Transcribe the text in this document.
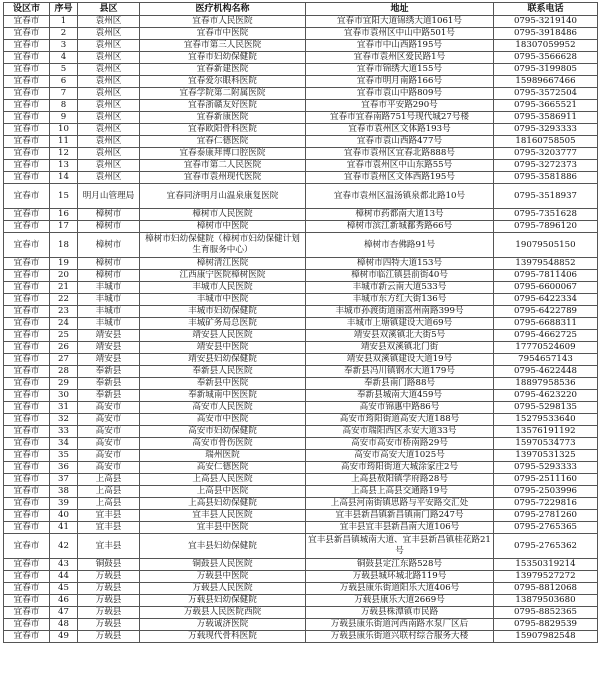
设区市	序号	县区	医疗机构名称	地址	联系电话
宜春市	1	袁州区	宜春市人民医院	宜春市宜阳大道锦绣大道1061号	0795-3219140
宜春市	2	袁州区	宜春市中医院	宜春市袁州区中山中路501号	0795-3918486
宜春市	3	袁州区	宜春市第三人民医院	宜春市中山西路195号	18307059952
宜春市	4	袁州区	宜春市妇幼保健院	宜春市袁州区爱民路1号	0795-3566628
宜春市	5	袁州区	宜春新建医院	宜春市锦绣大道155号	0795-3199805
宜春市	6	袁州区	宜春爱尔眼科医院	宜春市明月南路166号	15989667466
宜春市	7	袁州区	宜春学院第二附属医院	宜春市袁山中路809号	0795-3572504
宜春市	8	袁州区	宜春浙赣友好医院	宜春市平安路290号	0795-3665521
宜春市	9	袁州区	宜春新康医院	宜春市宜春南路751号现代城27号楼	0795-3586911
宜春市	10	袁州区	宜春欧阳骨科医院	宜春市袁州区文体路193号	0795-3293333
宜春市	11	袁州区	宜春仁德医院	宜春市袁山西路477号	18160758505
宜春市	12	袁州区	宜春泰康拜博口腔医院	宜春市袁州区宜春北路888号	0795-3203777
宜春市	13	袁州区	宜春市第二人民医院	宜春市袁州区中山东路55号	0795-3272373
宜春市	14	袁州区	宜春市袁州现代医院	宜春市袁州区文体西路195号	0795-3581886
宜春市	15	明月山管理局	宜春同济明月山温泉康复医院	宜春市袁州区温汤镇泉都北路10号	0795-3518937
宜春市	16	樟树市	樟树市人民医院	樟树市药都南大道13号	0795-7351628
宜春市	17	樟树市	樟树市中医院	樟树市滨江新城鄱秀路66号	0795-7896120
宜春市	18	樟树市	樟树市妇幼保健院（樟树市妇幼保健计划生育服务中心）	樟树市杏佛路91号	19079505150
宜春市	19	樟树市	樟树清江医院	樟树市四特大道153号	13979548852
宜春市	20	樟树市	江西康宁医院樟树医院	樟树市临江镇县前街40号	0795-7811406
宜春市	21	丰城市	丰城市人民医院	丰城市新云南大道533号	0795-6600067
宜春市	22	丰城市	丰城市中医院	丰城市东方红大街136号	0795-6422334
宜春市	23	丰城市	丰城市妇幼保健院	丰城市孙渡街道丽富州南路399号	0795-6422789
宜春市	24	丰城市	丰城矿务局总医院	丰城市上塘镇建设大道69号	0795-6688311
宜春市	25	靖安县	靖安县人民医院	靖安县双溪镇北大街5号	0795-4662725
宜春市	26	靖安县	靖安县中医院	靖安县双溪镇北门街	17770524609
宜春市	27	靖安县	靖安县妇幼保健院	靖安县双溪镇建设大道19号	7954657143
宜春市	28	奉新县	奉新县人民医院	奉新县冯川镇钢水大道179号	0795-4622448
宜春市	29	奉新县	奉新县中医院	奉新县南门路88号	18897958536
宜春市	30	奉新县	奉新城南中医医院	奉新县城南大道459号	0795-4623220
宜春市	31	高安市	高安市人民医院	高安市锦惠中路86号	0795-5298135
宜春市	32	高安市	高安市中医院	高安市筠阳街道高安大道188号	15279533640
宜春市	33	高安市	高安市妇幼保健院	高安市瑞阳西区永安大道33号	13576191192
宜春市	34	高安市	高安市骨伤医院	高安市高安市桥南路29号	15970534773
宜春市	35	高安市	瑞州医院	高安市高安大道1025号	13970531325
宜春市	36	高安市	高安仁德医院	高安市筠阳街道大城涂家庄2号	0795-5293333
宜春市	37	上高县	上高县人民医院	上高县敖阳镇学府路28号	0795-2511160
宜春市	38	上高县	上高县中医院	上高县上高县交通路19号	0795-2503996
宜春市	39	上高县	上高县妇幼保健院	上高县河南街镇思路与平安路交汇处	0795-7229816
宜春市	40	宜丰县	宜丰县人民医院	宜丰县新昌镇新昌镇南门路247号	0795-2781260
宜春市	41	宜丰县	宜丰县中医院	宜丰县宜丰县新昌南大道106号	0795-2765365
宜春市	42	宜丰县	宜丰县妇幼保健院	宜丰县新昌镇城南大道、宜丰县新昌镇桂花路21号	0795-2765362
宜春市	43	铜鼓县	铜鼓县人民医院	铜鼓县定江东路528号	15350319214
宜春市	44	万载县	万载县中医院	万载县城环城北路119号	13979527272
宜春市	45	万载县	万载县人民医院	万载县康乐街道阳乐大道406号	0795-8812068
宜春市	46	万载县	万载县妇幼保健院	万载县康乐大道2669号	13879503680
宜春市	47	万载县	万载县人民医院西院	万载县株潭镇市民路	0795-8852365
宜春市	48	万载县	万载诚济医院	万载县康乐街道河西南路水泵厂区后	0795-8829539
宜春市	49	万载县	万载现代骨科医院	万载县康乐街道兴联村综合服务大楼	15907982548
